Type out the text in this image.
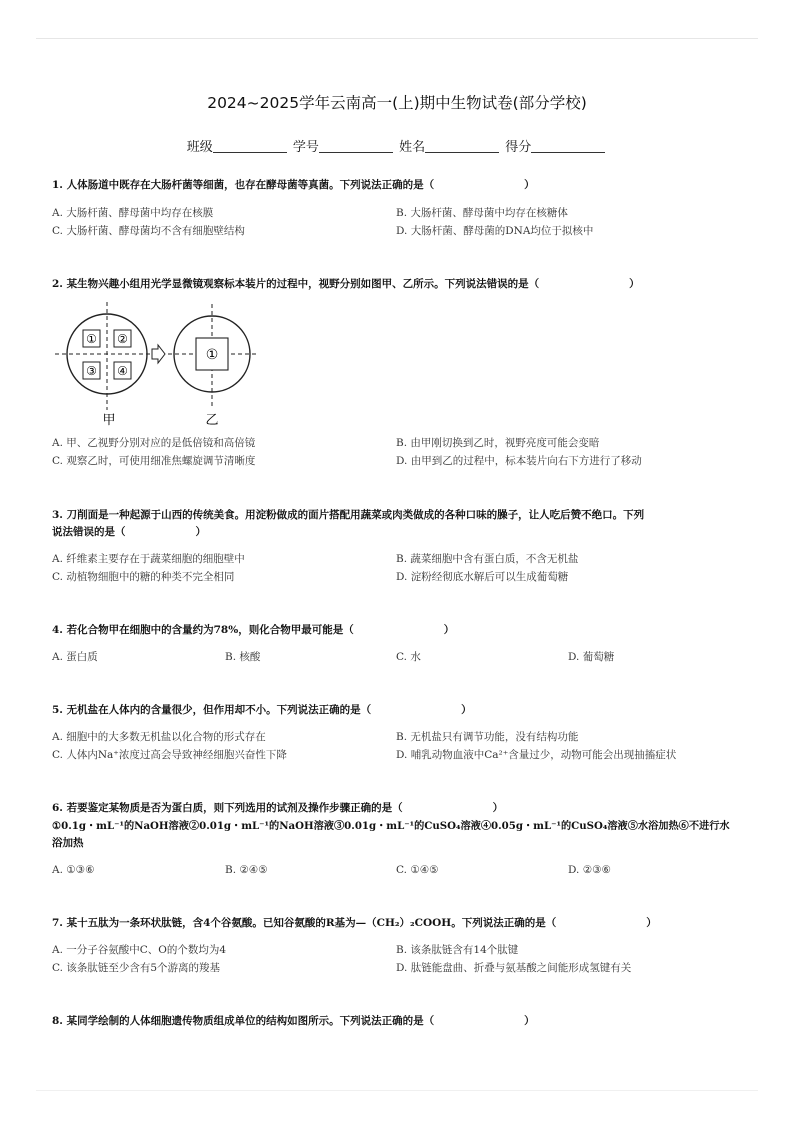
2024~2025学年云南高一(上)期中生物试卷(部分学校)
班级	学号	姓名	得分
1. 人体肠道中既存在大肠杆菌等细菌，也存在酵母菌等真菌。下列说法正确的是（	）
A. 大肠杆菌、酵母菌中均存在核膜	B. 大肠杆菌、酵母菌中均存在核糖体
C. 大肠杆菌、酵母菌均不含有细胞壁结构	D. 大肠杆菌、酵母菌的DNA均位于拟核中
2. 某生物兴趣小组用光学显微镜观察标本装片的过程中，视野分别如图甲、乙所示。下列说法错误的是（	）
① ②
③ ④
①
甲	乙
A. 甲、乙视野分别对应的是低倍镜和高倍镜	B. 由甲刚切换到乙时，视野亮度可能会变暗
C. 观察乙时，可使用细准焦螺旋调节清晰度	D. 由甲到乙的过程中，标本装片向右下方进行了移动
3. 刀削面是一种起源于山西的传统美食。用淀粉做成的面片搭配用蔬菜或肉类做成的各种口味的臊子，让人吃后赞不绝口。下列
说法错误的是（	）
A. 纤维素主要存在于蔬菜细胞的细胞壁中	B. 蔬菜细胞中含有蛋白质，不含无机盐
C. 动植物细胞中的糖的种类不完全相同	D. 淀粉经彻底水解后可以生成葡萄糖
4. 若化合物甲在细胞中的含量约为78%，则化合物甲最可能是（	）
A. 蛋白质	B. 核酸	C. 水	D. 葡萄糖
5. 无机盐在人体内的含量很少，但作用却不小。下列说法正确的是（	）
A. 细胞中的大多数无机盐以化合物的形式存在	B. 无机盐只有调节功能，没有结构功能
C. 人体内Na⁺浓度过高会导致神经细胞兴奋性下降	D. 哺乳动物血液中Ca²⁺含量过少，动物可能会出现抽搐症状
6. 若要鉴定某物质是否为蛋白质，则下列选用的试剂及操作步骤正确的是（	）
①0.1g・mL⁻¹的NaOH溶液②0.01g・mL⁻¹的NaOH溶液③0.01g・mL⁻¹的CuSO₄溶液④0.05g・mL⁻¹的CuSO₄溶液⑤水浴加热⑥不进行水
浴加热
A. ①③⑥	B. ②④⑤	C. ①④⑤	D. ②③⑥
7. 某十五肽为一条环状肽链，含4个谷氨酸。已知谷氨酸的R基为—（CH₂）₂COOH。下列说法正确的是（	）
A. 一分子谷氨酸中C、O的个数均为4	B. 该条肽链含有14个肽键
C. 该条肽链至少含有5个游离的羧基	D. 肽链能盘曲、折叠与氨基酸之间能形成氢键有关
8. 某同学绘制的人体细胞遗传物质组成单位的结构如图所示。下列说法正确的是（	）
